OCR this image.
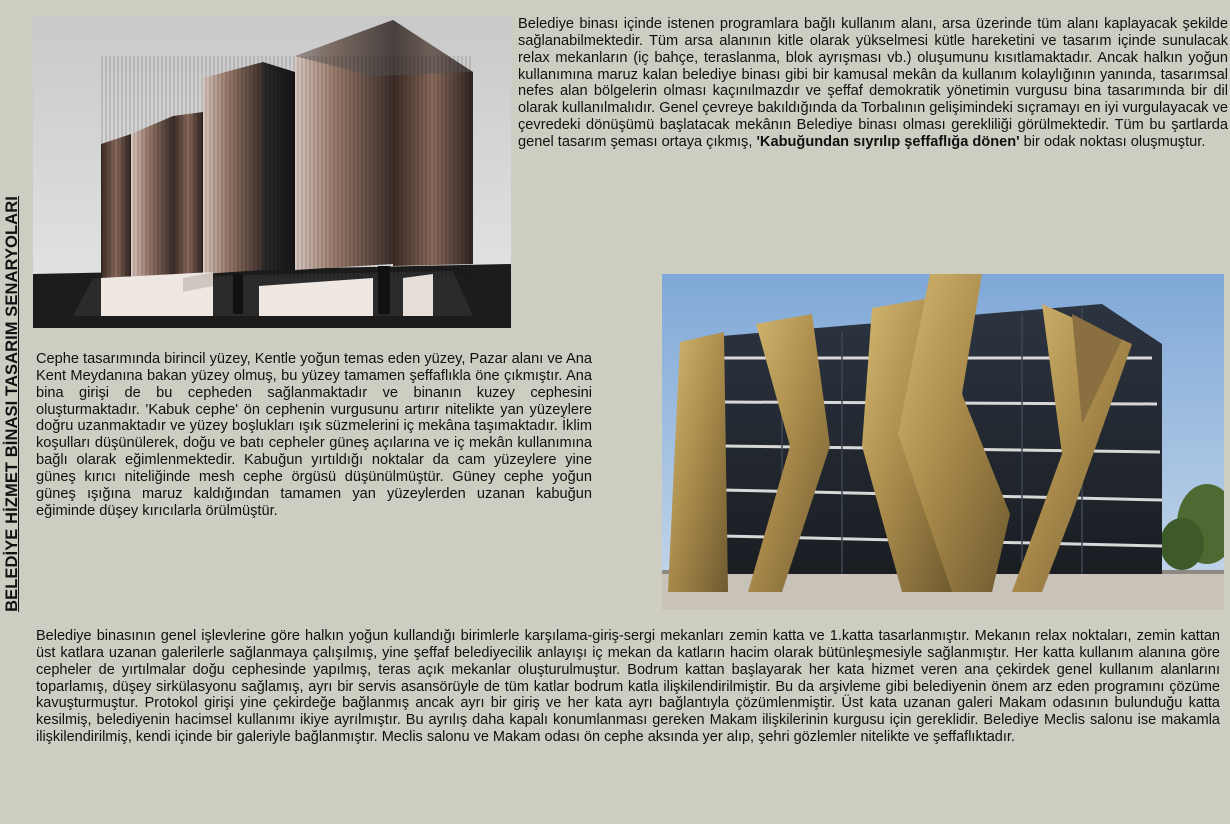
BELEDİYE HİZMET BİNASI TASARIM SENARYOLARI
Belediye binası içinde istenen programlara bağlı kullanım alanı, arsa üzerinde tüm alanı kaplayacak şekilde sağlanabilmektedir. Tüm arsa alanının kitle olarak yükselmesi kütle hareketini ve tasarım içinde sunulacak relax mekanların (iç bahçe, teraslanma, blok ayrışması vb.) oluşumunu kısıtlamaktadır. Ancak halkın yoğun kullanımına maruz kalan belediye binası gibi bir kamusal mekân da kullanım kolaylığının yanında, tasarımsal nefes alan bölgelerin olması kaçınılmazdır ve şeffaf demokratik yönetimin vurgusu bina tasarımında bir dil olarak kullanılmalıdır. Genel çevreye bakıldığında da Torbalının gelişimindeki sıçramayı en iyi vurgulayacak ve çevredeki dönüşümü başlatacak mekânın Belediye binası olması gerekliliği görülmektedir. Tüm bu şartlarda genel tasarım şeması ortaya çıkmış, 'Kabuğundan sıyrılıp şeffaflığa dönen' bir odak noktası oluşmuştur.
Cephe tasarımında birincil yüzey, Kentle yoğun temas eden yüzey, Pazar alanı ve Ana Kent Meydanına bakan yüzey olmuş, bu yüzey tamamen şeffaflıkla öne çıkmıştır. Ana bina girişi de bu cepheden sağlanmaktadır ve binanın kuzey cephesini oluşturmaktadır. 'Kabuk cephe' ön cephenin vurgusunu artırır nitelikte yan yüzeylere doğru uzanmaktadır ve yüzey boşlukları ışık süzmelerini iç mekâna taşımaktadır. İklim koşulları düşünülerek, doğu ve batı cepheler güneş açılarına ve iç mekân kullanımına bağlı olarak eğimlenmektedir. Kabuğun yırtıldığı noktalar da cam yüzeylere yine güneş kırıcı niteliğinde mesh cephe örgüsü düşünülmüştür. Güney cephe yoğun güneş ışığına maruz kaldığından tamamen yan yüzeylerden uzanan kabuğun eğiminde düşey kırıcılarla örülmüştür.
Belediye binasının genel işlevlerine göre halkın yoğun kullandığı birimlerle karşılama-giriş-sergi mekanları zemin katta ve 1.katta tasarlanmıştır. Mekanın relax noktaları, zemin kattan üst katlara uzanan galerilerle sağlanmaya çalışılmış, yine şeffaf belediyecilik anlayışı iç mekan da katların hacim olarak bütünleşmesiyle sağlanmıştır. Her katta kullanım alanına göre cepheler de yırtılmalar doğu cephesinde yapılmış, teras açık mekanlar oluşturulmuştur. Bodrum kattan başlayarak her kata hizmet veren ana çekirdek genel kullanım alanlarını toparlamış, düşey sirkülasyonu sağlamış, ayrı bir servis asansörüyle de tüm katlar bodrum katla ilişkilendirilmiştir. Bu da arşivleme gibi belediyenin önem arz eden programını çözüme kavuşturmuştur. Protokol girişi yine çekirdeğe bağlanmış ancak ayrı bir giriş ve her kata ayrı bağlantıyla çözümlenmiştir. Üst kata uzanan galeri Makam odasının bulunduğu katta kesilmiş, belediyenin hacimsel kullanımı ikiye ayrılmıştır. Bu ayrılış daha kapalı konumlanması gereken Makam ilişkilerinin kurgusu için gereklidir. Belediye Meclis salonu ise makamla ilişkilendirilmiş, kendi içinde bir galeriyle bağlanmıştır. Meclis salonu ve Makam odası ön cephe aksında yer alıp, şehri gözlemler nitelikte ve şeffaflıktadır.
